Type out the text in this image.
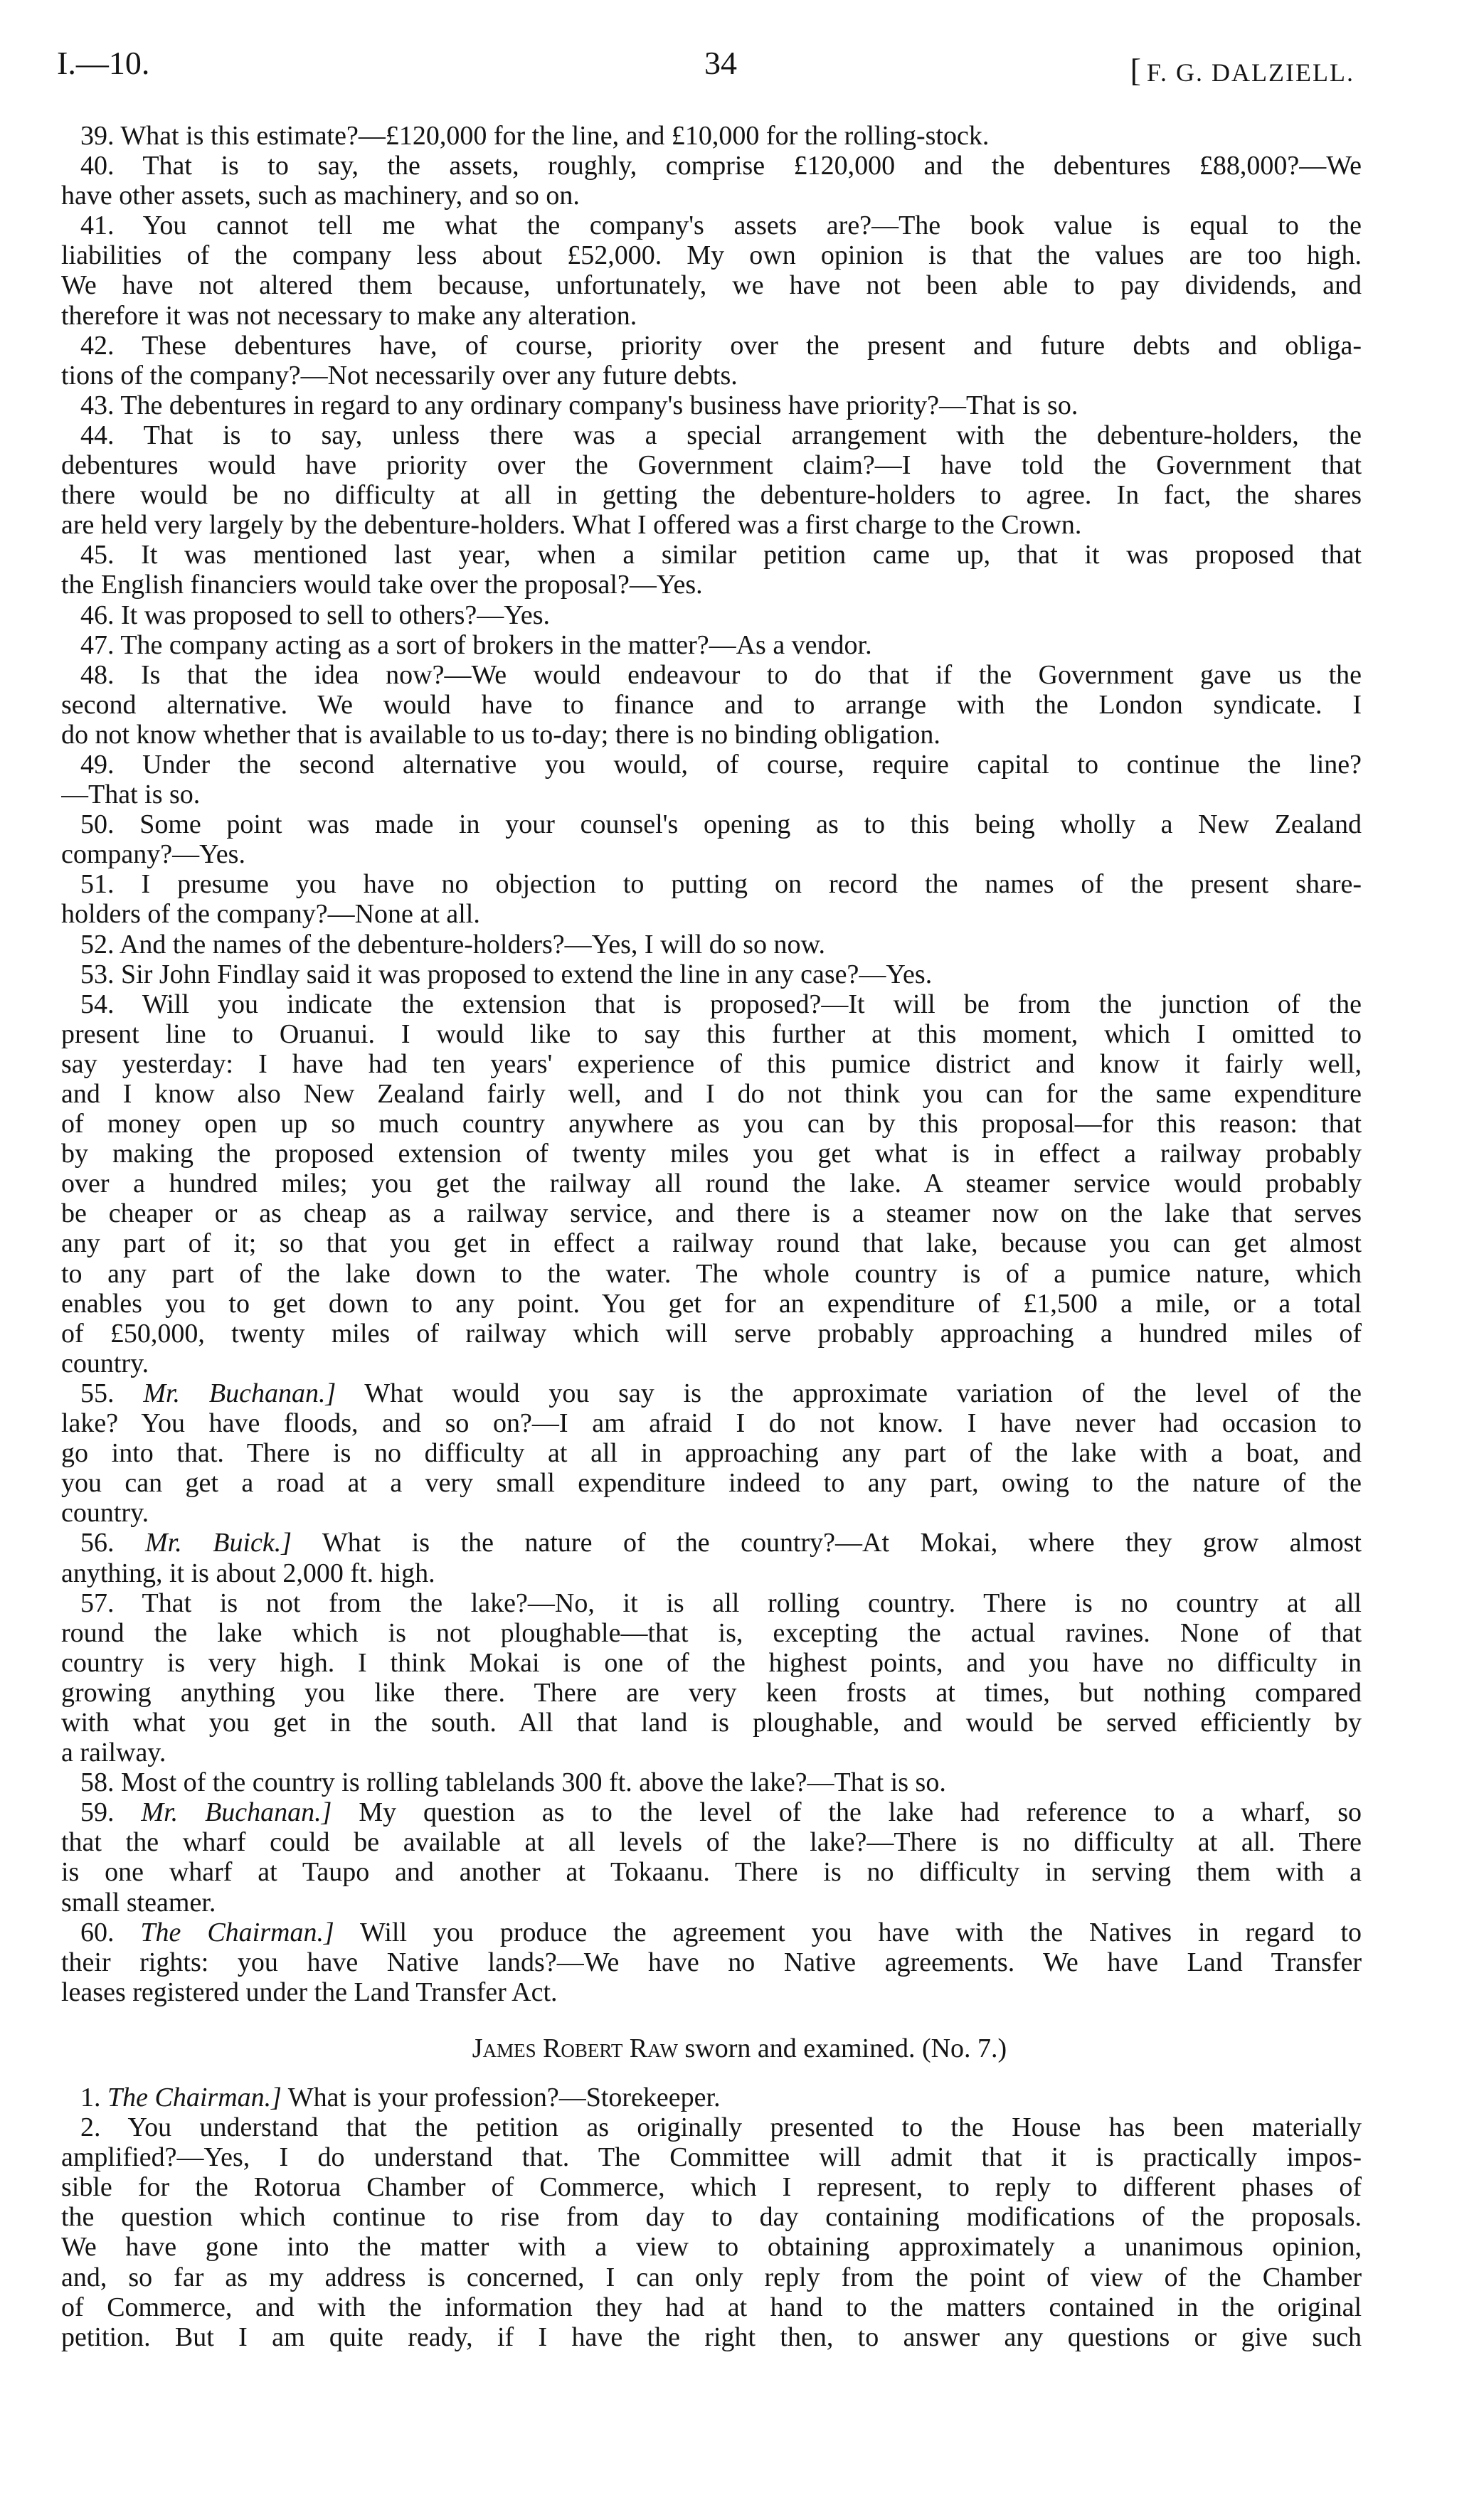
I.—10.	34	[ F. G. DALZIELL.
39. What is this estimate?—£120,000 for the line, and £10,000 for the rolling-stock.
40. That is to say, the assets, roughly, comprise £120,000 and the debentures £88,000?—We
have other assets, such as machinery, and so on.
41. You cannot tell me what the company's assets are?—The book value is equal to the
liabilities of the company less about £52,000. My own opinion is that the values are too high.
We have not altered them because, unfortunately, we have not been able to pay dividends, and
therefore it was not necessary to make any alteration.
42. These debentures have, of course, priority over the present and future debts and obliga-
tions of the company?—Not necessarily over any future debts.
43. The debentures in regard to any ordinary company's business have priority?—That is so.
44. That is to say, unless there was a special arrangement with the debenture-holders, the
debentures would have priority over the Government claim?—I have told the Government that
there would be no difficulty at all in getting the debenture-holders to agree. In fact, the shares
are held very largely by the debenture-holders. What I offered was a first charge to the Crown.
45. It was mentioned last year, when a similar petition came up, that it was proposed that
the English financiers would take over the proposal?—Yes.
46. It was proposed to sell to others?—Yes.
47. The company acting as a sort of brokers in the matter?—As a vendor.
48. Is that the idea now?—We would endeavour to do that if the Government gave us the
second alternative. We would have to finance and to arrange with the London syndicate. I
do not know whether that is available to us to-day; there is no binding obligation.
49. Under the second alternative you would, of course, require capital to continue the line?
—That is so.
50. Some point was made in your counsel's opening as to this being wholly a New Zealand
company?—Yes.
51. I presume you have no objection to putting on record the names of the present share-
holders of the company?—None at all.
52. And the names of the debenture-holders?—Yes, I will do so now.
53. Sir John Findlay said it was proposed to extend the line in any case?—Yes.
54. Will you indicate the extension that is proposed?—It will be from the junction of the
present line to Oruanui. I would like to say this further at this moment, which I omitted to
say yesterday: I have had ten years' experience of this pumice district and know it fairly well,
and I know also New Zealand fairly well, and I do not think you can for the same expenditure
of money open up so much country anywhere as you can by this proposal—for this reason: that
by making the proposed extension of twenty miles you get what is in effect a railway probably
over a hundred miles; you get the railway all round the lake. A steamer service would probably
be cheaper or as cheap as a railway service, and there is a steamer now on the lake that serves
any part of it; so that you get in effect a railway round that lake, because you can get almost
to any part of the lake down to the water. The whole country is of a pumice nature, which
enables you to get down to any point. You get for an expenditure of £1,500 a mile, or a total
of £50,000, twenty miles of railway which will serve probably approaching a hundred miles of
country.
55. Mr. Buchanan.] What would you say is the approximate variation of the level of the
lake? You have floods, and so on?—I am afraid I do not know. I have never had occasion to
go into that. There is no difficulty at all in approaching any part of the lake with a boat, and
you can get a road at a very small expenditure indeed to any part, owing to the nature of the
country.
56. Mr. Buick.] What is the nature of the country?—At Mokai, where they grow almost
anything, it is about 2,000 ft. high.
57. That is not from the lake?—No, it is all rolling country. There is no country at all
round the lake which is not ploughable—that is, excepting the actual ravines. None of that
country is very high. I think Mokai is one of the highest points, and you have no difficulty in
growing anything you like there. There are very keen frosts at times, but nothing compared
with what you get in the south. All that land is ploughable, and would be served efficiently by
a railway.
58. Most of the country is rolling tablelands 300 ft. above the lake?—That is so.
59. Mr. Buchanan.] My question as to the level of the lake had reference to a wharf, so
that the wharf could be available at all levels of the lake?—There is no difficulty at all. There
is one wharf at Taupo and another at Tokaanu. There is no difficulty in serving them with a
small steamer.
60. The Chairman.] Will you produce the agreement you have with the Natives in regard to
their rights: you have Native lands?—We have no Native agreements. We have Land Transfer
leases registered under the Land Transfer Act.
James Robert Raw sworn and examined. (No. 7.)
1. The Chairman.] What is your profession?—Storekeeper.
2. You understand that the petition as originally presented to the House has been materially
amplified?—Yes, I do understand that. The Committee will admit that it is practically impos-
sible for the Rotorua Chamber of Commerce, which I represent, to reply to different phases of
the question which continue to rise from day to day containing modifications of the proposals.
We have gone into the matter with a view to obtaining approximately a unanimous opinion,
and, so far as my address is concerned, I can only reply from the point of view of the Chamber
of Commerce, and with the information they had at hand to the matters contained in the original
petition. But I am quite ready, if I have the right then, to answer any questions or give such
